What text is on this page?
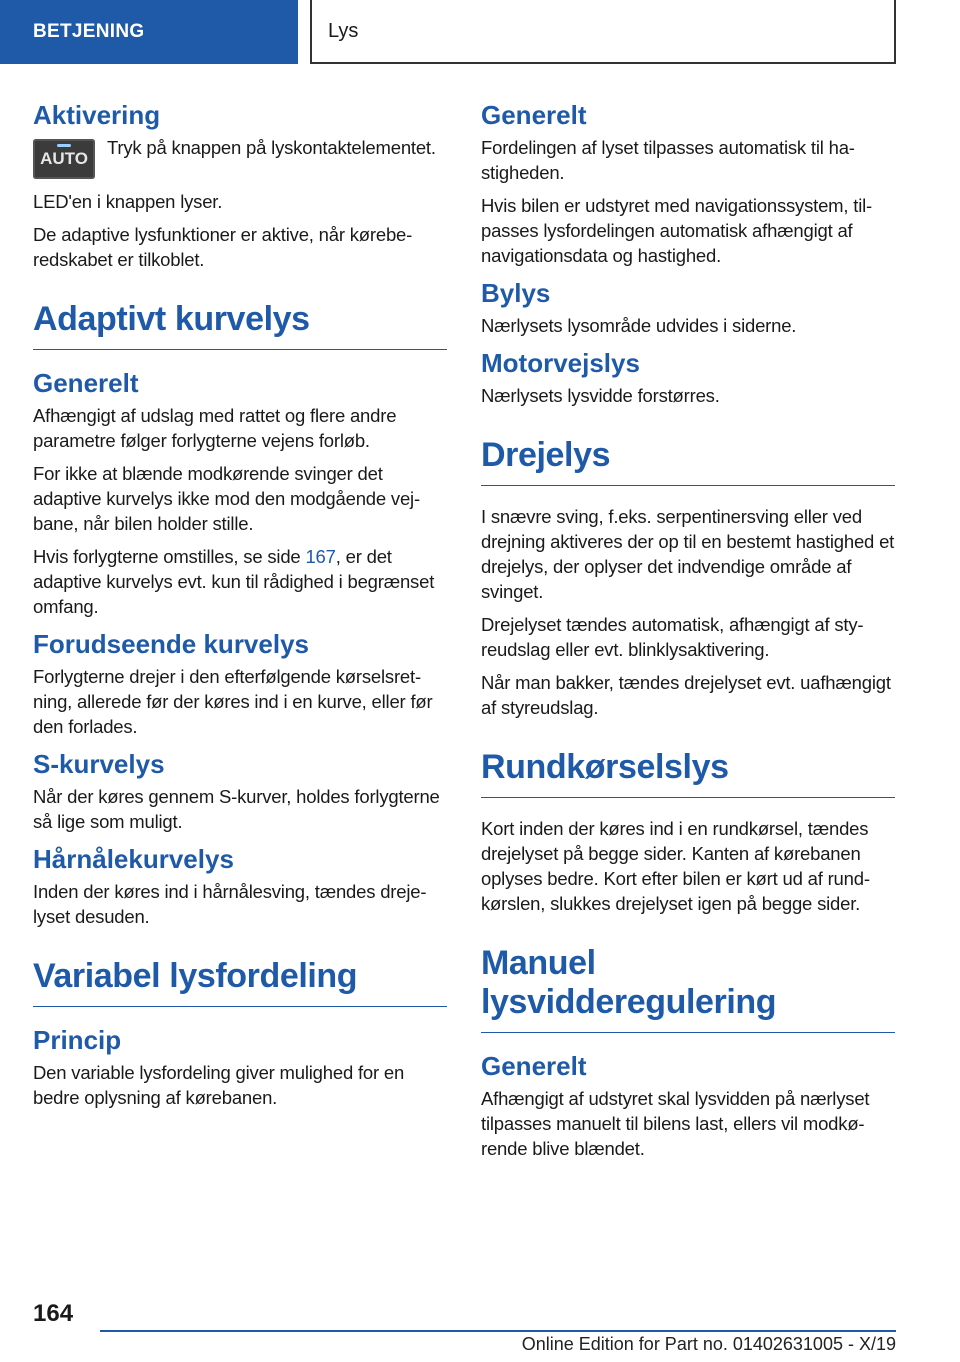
BETJENING	Lys
Aktivering
AUTO

Tryk på knappen på lyskontaktelementet.

LED'en i knappen lyser.

De adaptive lysfunktioner er aktive, når køreberedskabet er tilkoblet.

Adaptivt kurvelys
Generelt

Afhængigt af udslag med rattet og flere andre parametre følger forlygterne vejens forløb.

For ikke at blænde modkørende svinger det adaptive kurvelys ikke mod den modgående vejbane, når bilen holder stille.

Hvis forlygterne omstilles, se side 167, er det adaptive kurvelys evt. kun til rådighed i begrænset omfang.

Forudseende kurvelys

Forlygterne drejer i den efterfølgende kørselsretning, allerede før der køres ind i en kurve, eller før den forlades.

S-kurvelys

Når der køres gennem S-kurver, holdes forlygterne så lige som muligt.

Hårnålekurvelys

Inden der køres ind i hårnålesving, tændes drejelyset desuden.

Variabel lysfordeling
Princip

Den variable lysfordeling giver mulighed for en bedre oplysning af kørebanen.

Generelt

Fordelingen af lyset tilpasses automatisk til hastigheden.

Hvis bilen er udstyret med navigationssystem, tilpasses lysfordelingen automatisk afhængigt af navigationsdata og hastighed.

Bylys

Nærlysets lysområde udvides i siderne.

Motorvejslys

Nærlysets lysvidde forstørres.

Drejelys

I snævre sving, f.eks. serpentinersving eller ved drejning aktiveres der op til en bestemt hastighed et drejelys, der oplyser det indvendige område af svinget.

Drejelyset tændes automatisk, afhængigt af styreudslag eller evt. blinklysaktivering.

Når man bakker, tændes drejelyset evt. uafhængigt af styreudslag.

Rundkørselslys

Kort inden der køres ind i en rundkørsel, tændes drejelyset på begge sider. Kanten af kørebanen oplyses bedre. Kort efter bilen er kørt ud af rundkørslen, slukkes drejelyset igen på begge sider.

Manuel lysvidderegulering
Generelt

Afhængigt af udstyret skal lysvidden på nærlyset tilpasses manuelt til bilens last, ellers vil modkørende blive blændet.

164
Online Edition for Part no. 01402631005 - X/19
